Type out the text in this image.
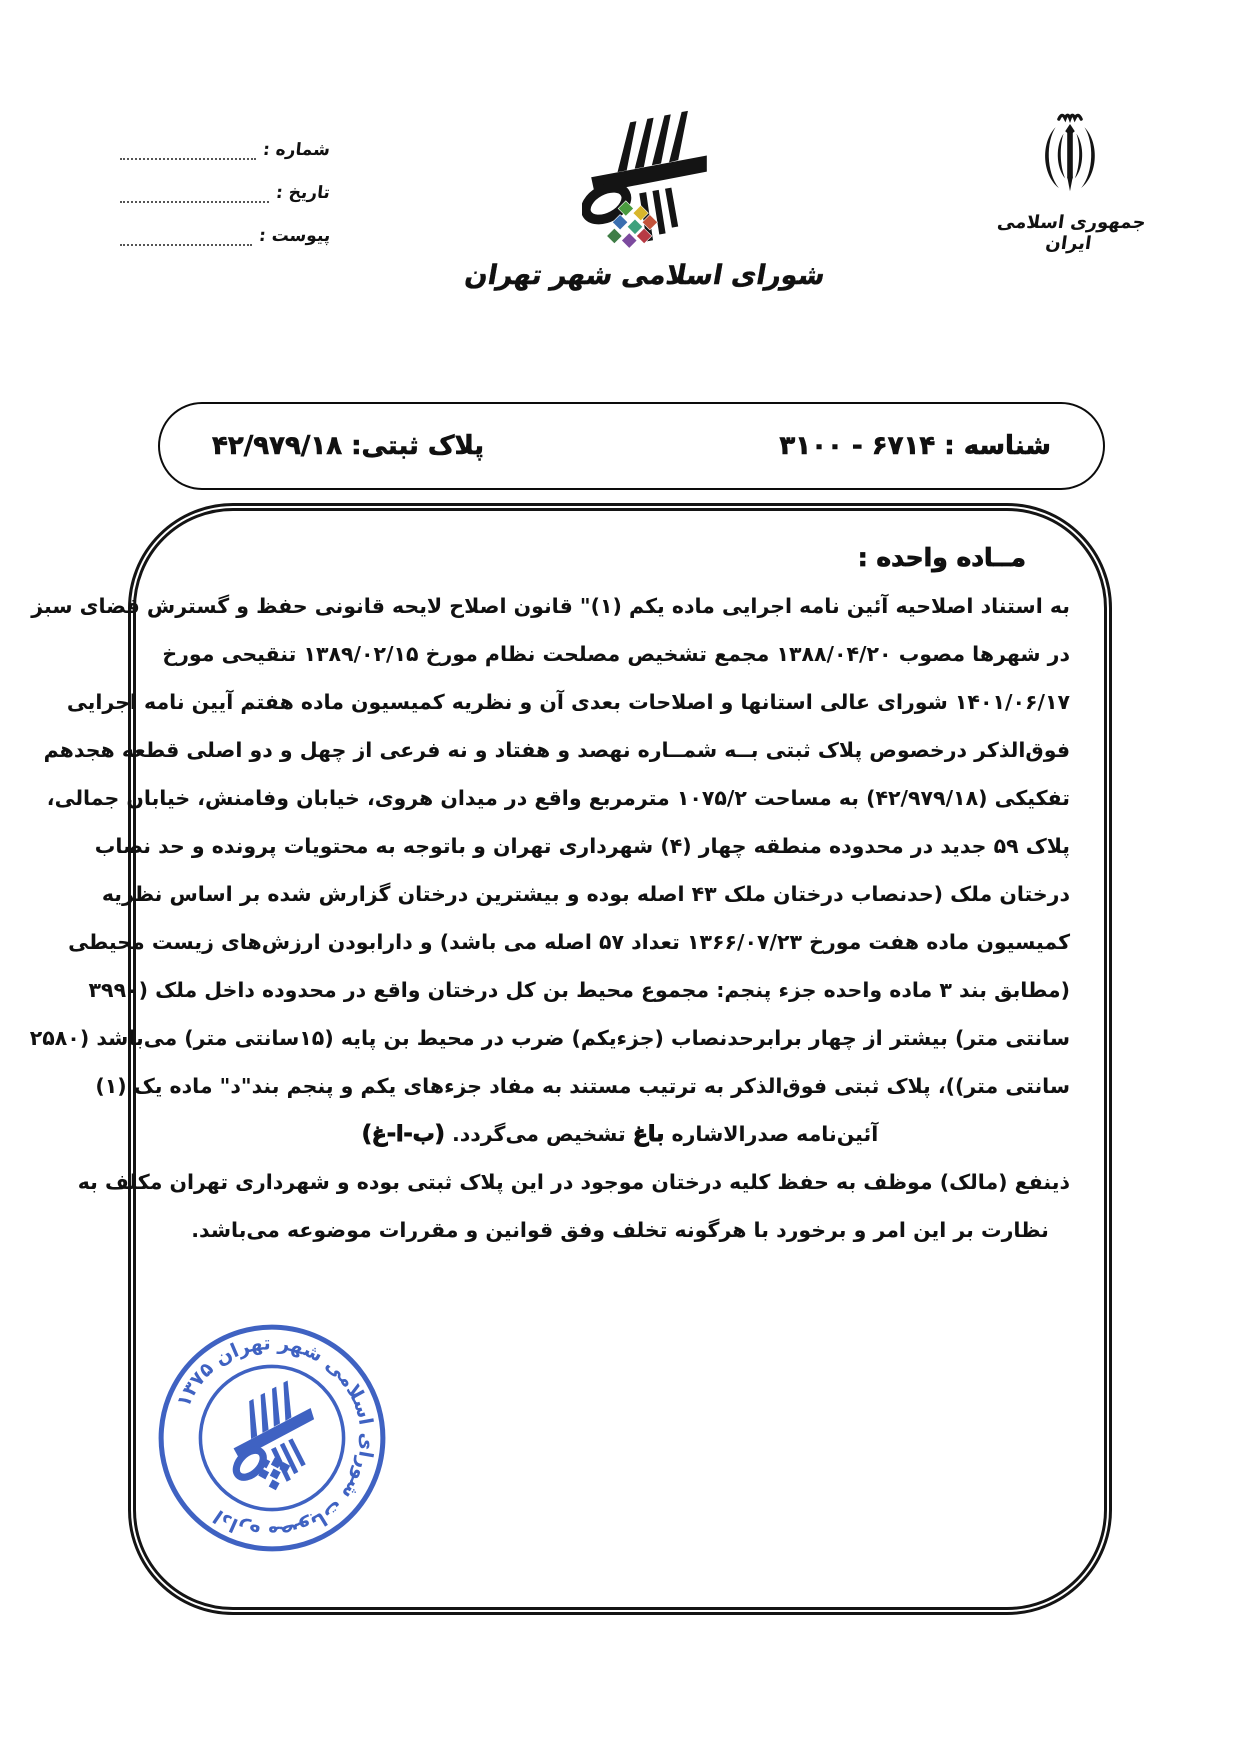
شماره :
تاریخ :
پیوست :
شورای اسلامی شهر تهران
جمهوری اسلامی ایران
شناسه : ۶۷۱۴ - ۳۱۰۰
پلاک ثبتی: ۴۲/۹۷۹/۱۸
مــاده واحده :
به استناد اصلاحیه آئین نامه اجرایی ماده یکم (۱)" قانون اصلاح لایحه قانونی حفظ و گسترش فضای سبز
در شهرها مصوب ۱۳۸۸/۰۴/۲۰ مجمع تشخیص مصلحت نظام مورخ ۱۳۸۹/۰۲/۱۵ تنقیحی مورخ
۱۴۰۱/۰۶/۱۷ شورای عالی استانها و اصلاحات بعدی آن و نظریه کمیسیون ماده هفتم آیین نامه اجرایی
فوق‌الذکر درخصوص پلاک ثبتی بــه شمــاره نهصد و هفتاد و نه فرعی از چهل و دو اصلی قطعه هجدهم
تفکیکی (۴۲/۹۷۹/۱۸) به مساحت ۱۰۷۵/۲ مترمربع واقع در میدان هروی، خیابان وفامنش، خیابان جمالی،
پلاک ۵۹ جدید در محدوده منطقه چهار (۴) شهرداری تهران و باتوجه به محتویات پرونده و حد نصاب
درختان ملک (حدنصاب درختان ملک ۴۳ اصله بوده و بیشترین درختان گزارش شده بر اساس نظریه
کمیسیون ماده هفت مورخ ۱۳۶۶/۰۷/۲۳ تعداد ۵۷ اصله می باشد) و دارابودن ارزش‌های زیست محیطی
(مطابق بند ۳ ماده واحده جزء پنجم: مجموع محیط بن کل درختان واقع در محدوده داخل ملک (۳۹۹۰
سانتی متر) بیشتر از چهار برابرحدنصاب (جزءیکم) ضرب در محیط بن پایه (۱۵سانتی متر) می‌باشد (۲۵۸۰
سانتی متر))، پلاک ثبتی فوق‌الذکر به ترتیب مستند به مفاد جزءهای یکم و پنجم بند"د" ماده یک (۱)
آئین‌نامه صدرالاشاره باغ تشخیص می‌گردد. (ب-ا-غ)
ذینفع (مالک) موظف به حفظ کلیه درختان موجود در این پلاک ثبتی بوده و شهرداری تهران مکلف به
نظارت بر این امر و برخورد با هرگونه تخلف وفق قوانین و مقررات موضوعه می‌باشد.
اداره مصوبات شورای اسلامی شهر تهران ۱۳۷۵
